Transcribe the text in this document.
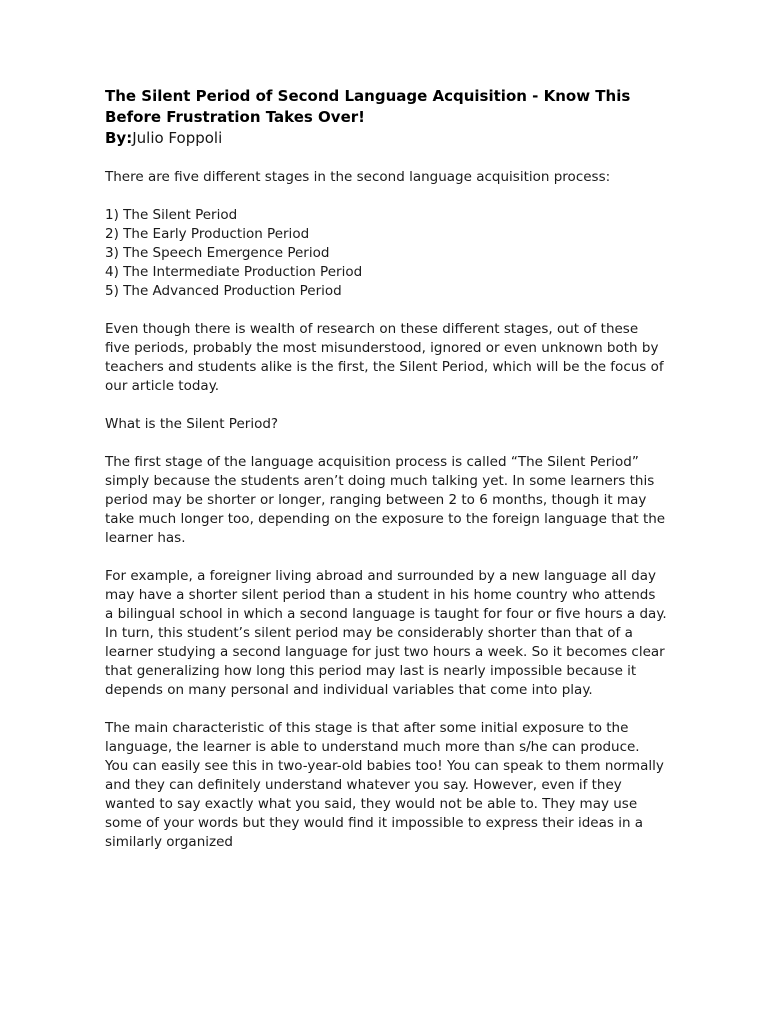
The Silent Period of Second Language Acquisition - Know This
Before Frustration Takes Over!
By:Julio Foppoli

There are five different stages in the second language acquisition process:

1) The Silent Period
2) The Early Production Period
3) The Speech Emergence Period
4) The Intermediate Production Period
5) The Advanced Production Period

Even though there is wealth of research on these different stages, out of these five periods, probably the most misunderstood, ignored or even unknown both by teachers and students alike is the first, the Silent Period, which will be the focus of our article today.

What is the Silent Period?

The first stage of the language acquisition process is called “The Silent Period” simply because the students aren’t doing much talking yet. In some learners this period may be shorter or longer, ranging between 2 to 6 months, though it may take much longer too, depending on the exposure to the foreign language that the learner has.

For example, a foreigner living abroad and surrounded by a new language all day may have a shorter silent period than a student in his home country who attends a bilingual school in which a second language is taught for four or five hours a day. In turn, this student’s silent period may be considerably shorter than that of a learner studying a second language for just two hours a week. So it becomes clear that generalizing how long this period may last is nearly impossible because it depends on many personal and individual variables that come into play.

The main characteristic of this stage is that after some initial exposure to the language, the learner is able to understand much more than s/he can produce. You can easily see this in two-year-old babies too! You can speak to them normally and they can definitely understand whatever you say. However, even if they wanted to say exactly what you said, they would not be able to. They may use some of your words but they would find it impossible to express their ideas in a similarly organized
